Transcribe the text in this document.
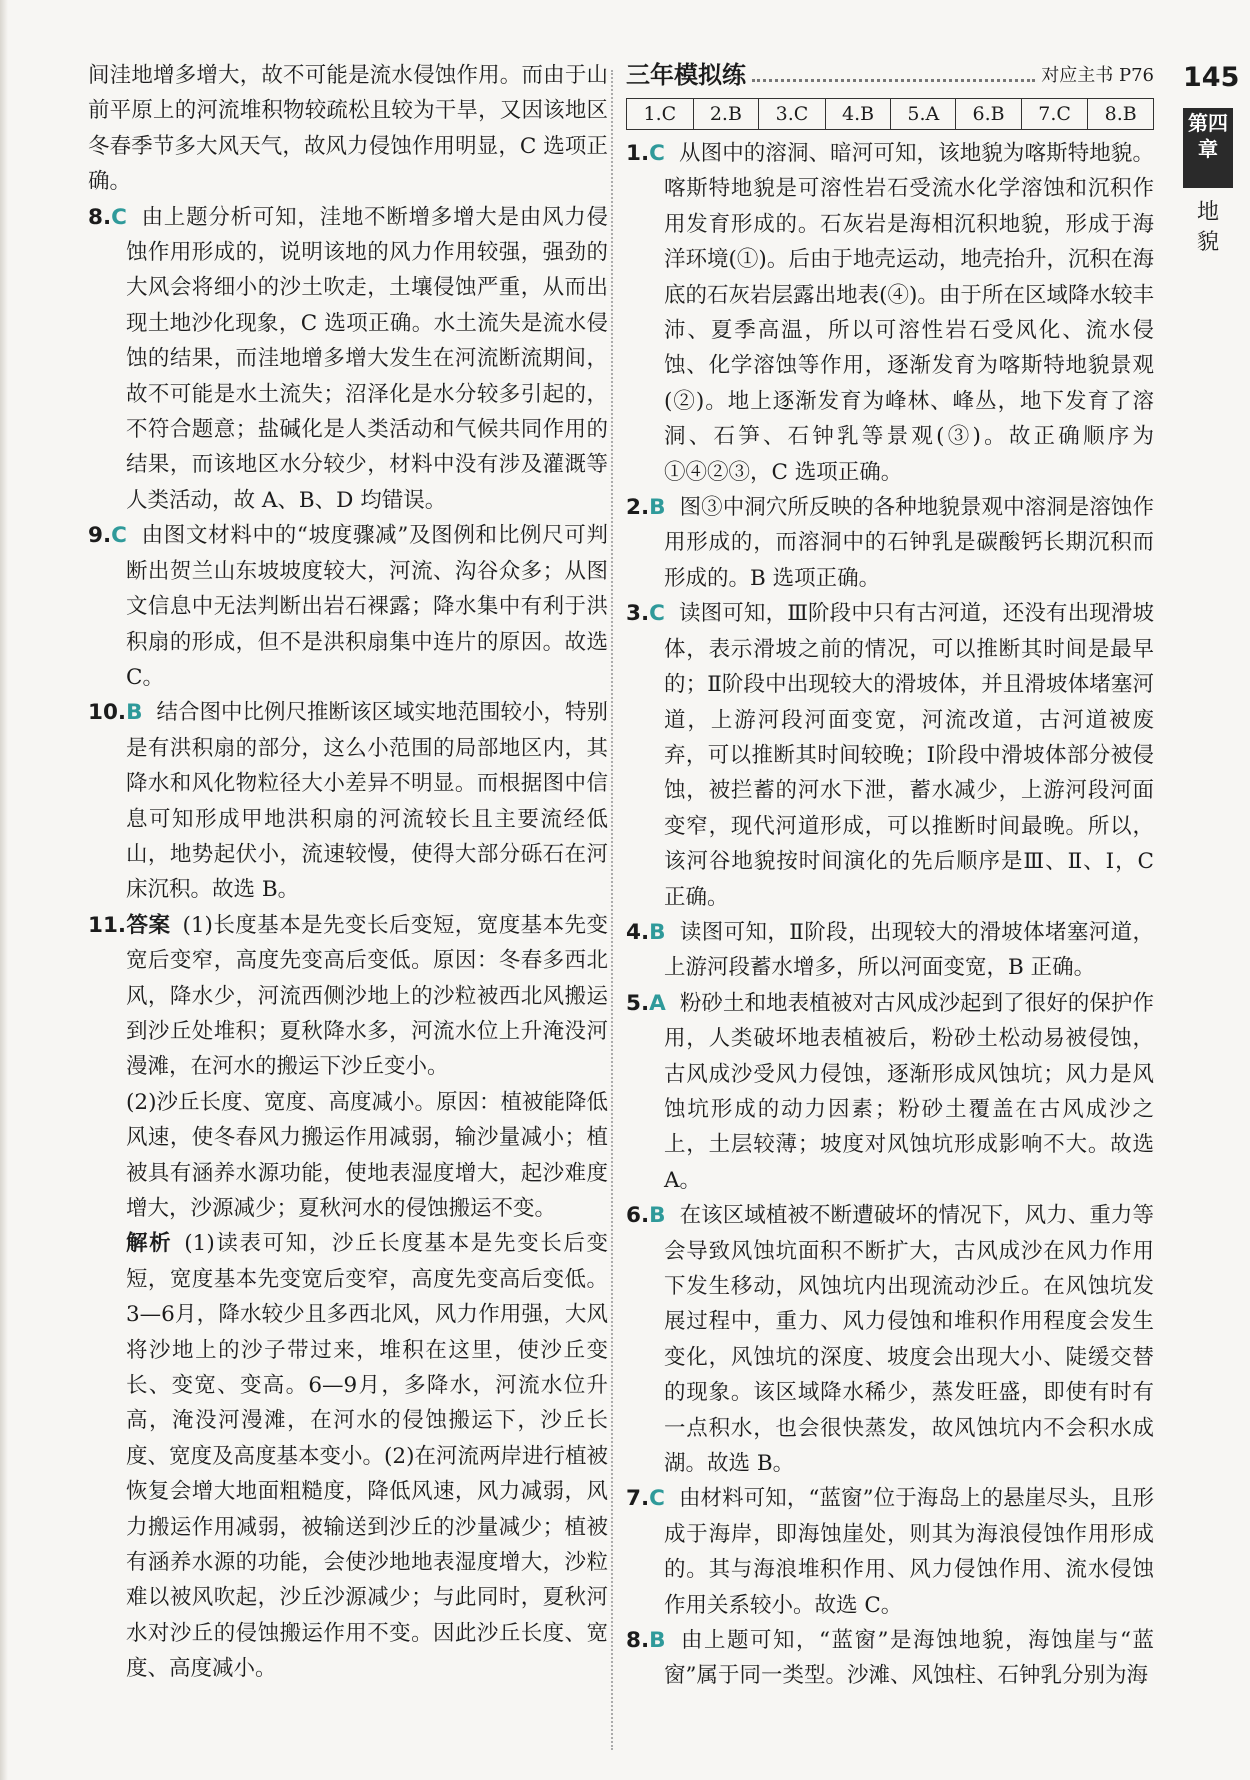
145
第四章
地貌

间洼地增多增大，故不可能是流水侵蚀作用。而由于山前平原上的河流堆积物较疏松且较为干旱，又因该地区冬春季节多大风天气，故风力侵蚀作用明显，C 选项正确。

8.C 由上题分析可知，洼地不断增多增大是由风力侵蚀作用形成的，说明该地的风力作用较强，强劲的大风会将细小的沙土吹走，土壤侵蚀严重，从而出现土地沙化现象，C 选项正确。水土流失是流水侵蚀的结果，而洼地增多增大发生在河流断流期间，故不可能是水土流失；沼泽化是水分较多引起的，不符合题意；盐碱化是人类活动和气候共同作用的结果，而该地区水分较少，材料中没有涉及灌溉等人类活动，故 A、B、D 均错误。

9.C 由图文材料中的“坡度骤减”及图例和比例尺可判断出贺兰山东坡坡度较大，河流、沟谷众多；从图文信息中无法判断出岩石裸露；降水集中有利于洪积扇的形成，但不是洪积扇集中连片的原因。故选 C。

10.B 结合图中比例尺推断该区域实地范围较小，特别是有洪积扇的部分，这么小范围的局部地区内，其降水和风化物粒径大小差异不明显。而根据图中信息可知形成甲地洪积扇的河流较长且主要流经低山，地势起伏小，流速较慢，使得大部分砾石在河床沉积。故选 B。

11.答案 (1)长度基本是先变长后变短，宽度基本先变宽后变窄，高度先变高后变低。原因：冬春多西北风，降水少，河流西侧沙地上的沙粒被西北风搬运到沙丘处堆积；夏秋降水多，河流水位上升淹没河漫滩，在河水的搬运下沙丘变小。

(2)沙丘长度、宽度、高度减小。原因：植被能降低风速，使冬春风力搬运作用减弱，输沙量减小；植被具有涵养水源功能，使地表湿度增大，起沙难度增大，沙源减少；夏秋河水的侵蚀搬运不变。

解析 (1)读表可知，沙丘长度基本是先变长后变短，宽度基本先变宽后变窄，高度先变高后变低。3—6月，降水较少且多西北风，风力作用强，大风将沙地上的沙子带过来，堆积在这里，使沙丘变长、变宽、变高。6—9月，多降水，河流水位升高，淹没河漫滩，在河水的侵蚀搬运下，沙丘长度、宽度及高度基本变小。(2)在河流两岸进行植被恢复会增大地面粗糙度，降低风速，风力减弱，风力搬运作用减弱，被输送到沙丘的沙量减少；植被有涵养水源的功能，会使沙地地表湿度增大，沙粒难以被风吹起，沙丘沙源减少；与此同时，夏秋河水对沙丘的侵蚀搬运作用不变。因此沙丘长度、宽度、高度减小。

三年模拟练	对应主书 P76
1.C	2.B	3.C	4.B	5.A	6.B	7.C	8.B

1.C 从图中的溶洞、暗河可知，该地貌为喀斯特地貌。喀斯特地貌是可溶性岩石受流水化学溶蚀和沉积作用发育形成的。石灰岩是海相沉积地貌，形成于海洋环境(①)。后由于地壳运动，地壳抬升，沉积在海底的石灰岩层露出地表(④)。由于所在区域降水较丰沛、夏季高温，所以可溶性岩石受风化、流水侵蚀、化学溶蚀等作用，逐渐发育为喀斯特地貌景观(②)。地上逐渐发育为峰林、峰丛，地下发育了溶洞、石笋、石钟乳等景观(③)。故正确顺序为①④②③，C 选项正确。

2.B 图③中洞穴所反映的各种地貌景观中溶洞是溶蚀作用形成的，而溶洞中的石钟乳是碳酸钙长期沉积而形成的。B 选项正确。

3.C 读图可知，Ⅲ阶段中只有古河道，还没有出现滑坡体，表示滑坡之前的情况，可以推断其时间是最早的；Ⅱ阶段中出现较大的滑坡体，并且滑坡体堵塞河道，上游河段河面变宽，河流改道，古河道被废弃，可以推断其时间较晚；Ⅰ阶段中滑坡体部分被侵蚀，被拦蓄的河水下泄，蓄水减少，上游河段河面变窄，现代河道形成，可以推断时间最晚。所以，该河谷地貌按时间演化的先后顺序是Ⅲ、Ⅱ、Ⅰ，C 正确。

4.B 读图可知，Ⅱ阶段，出现较大的滑坡体堵塞河道，上游河段蓄水增多，所以河面变宽，B 正确。

5.A 粉砂土和地表植被对古风成沙起到了很好的保护作用，人类破坏地表植被后，粉砂土松动易被侵蚀，古风成沙受风力侵蚀，逐渐形成风蚀坑；风力是风蚀坑形成的动力因素；粉砂土覆盖在古风成沙之上，土层较薄；坡度对风蚀坑形成影响不大。故选 A。

6.B 在该区域植被不断遭破坏的情况下，风力、重力等会导致风蚀坑面积不断扩大，古风成沙在风力作用下发生移动，风蚀坑内出现流动沙丘。在风蚀坑发展过程中，重力、风力侵蚀和堆积作用程度会发生变化，风蚀坑的深度、坡度会出现大小、陡缓交替的现象。该区域降水稀少，蒸发旺盛，即使有时有一点积水，也会很快蒸发，故风蚀坑内不会积水成湖。故选 B。

7.C 由材料可知，“蓝窗”位于海岛上的悬崖尽头，且形成于海岸，即海蚀崖处，则其为海浪侵蚀作用形成的。其与海浪堆积作用、风力侵蚀作用、流水侵蚀作用关系较小。故选 C。

8.B 由上题可知，“蓝窗”是海蚀地貌，海蚀崖与“蓝窗”属于同一类型。沙滩、风蚀柱、石钟乳分别为海
